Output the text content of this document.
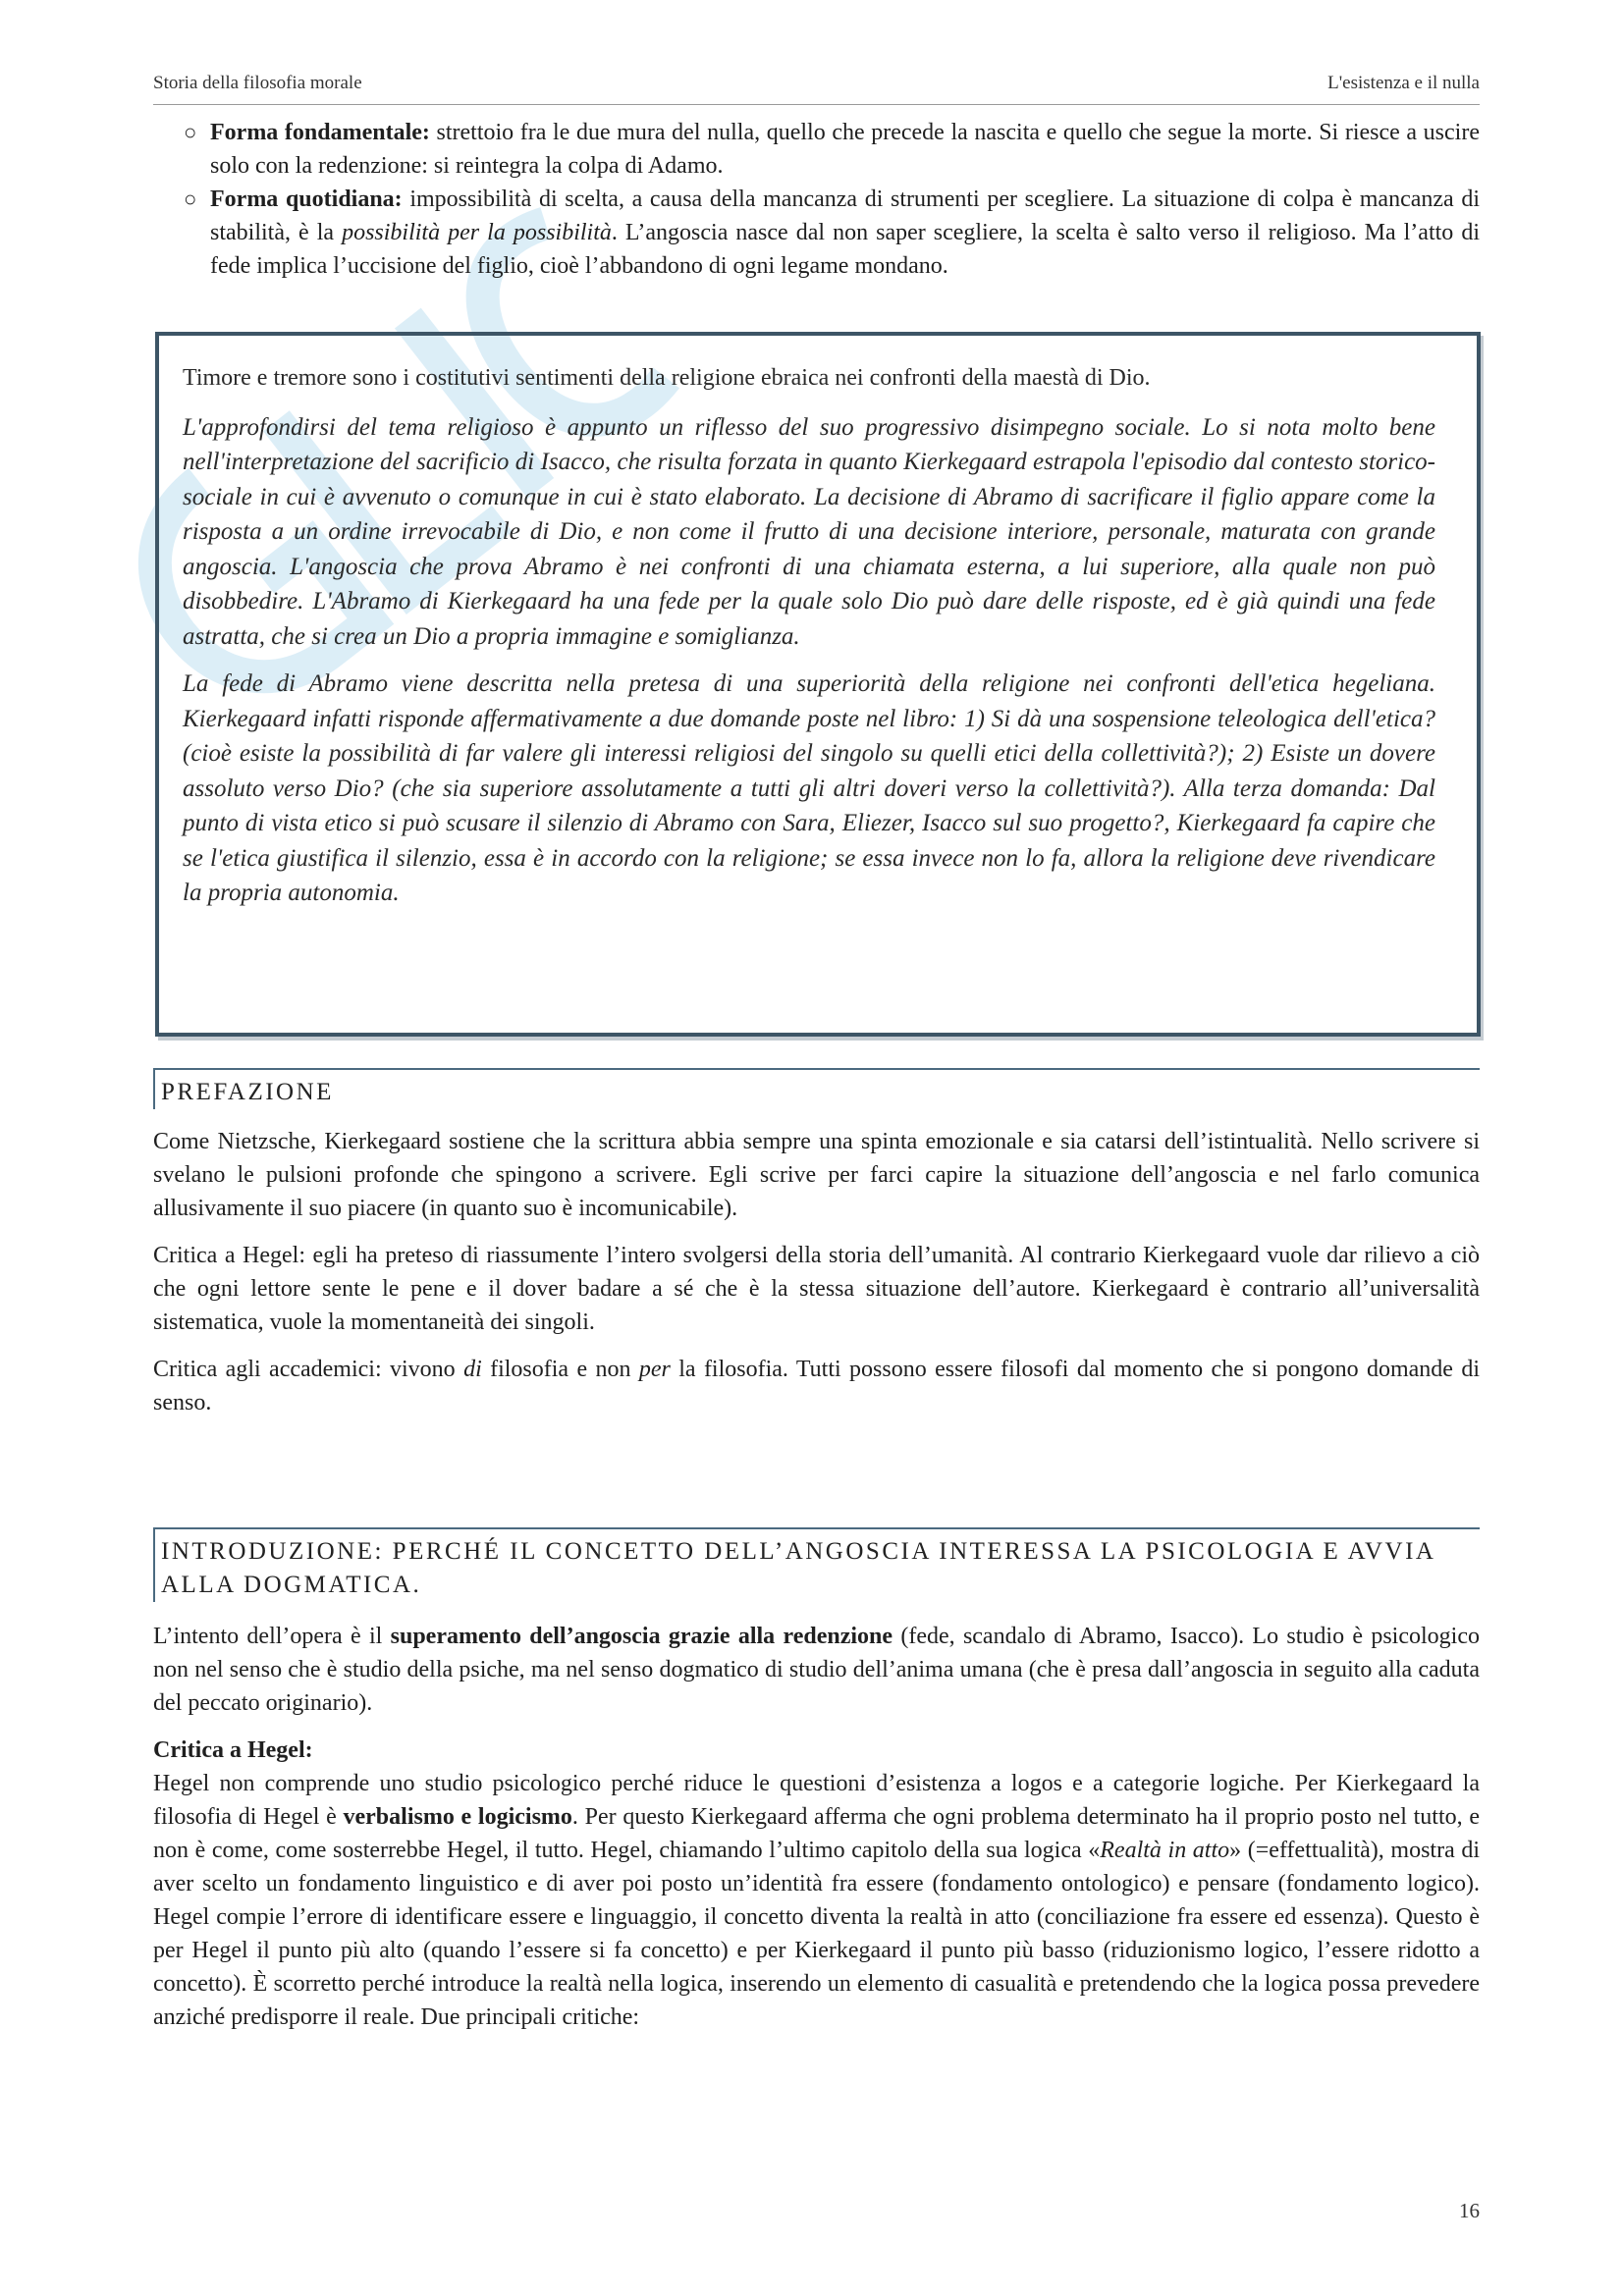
Storia della filosofia morale	L'esistenza e il nulla
○ Forma fondamentale: strettoio fra le due mura del nulla, quello che precede la nascita e quello che segue la morte. Si riesce a uscire solo con la redenzione: si reintegra la colpa di Adamo.
○ Forma quotidiana: impossibilità di scelta, a causa della mancanza di strumenti per scegliere. La situazione di colpa è mancanza di stabilità, è la possibilità per la possibilità. L’angoscia nasce dal non saper scegliere, la scelta è salto verso il religioso. Ma l’atto di fede implica l’uccisione del figlio, cioè l’abbandono di ogni legame mondano.

Timore e tremore sono i costitutivi sentimenti della religione ebraica nei confronti della maestà di Dio.

L'approfondirsi del tema religioso è appunto un riflesso del suo progressivo disimpegno sociale. Lo si nota molto bene nell'interpretazione del sacrificio di Isacco, che risulta forzata in quanto Kierkegaard estrapola l'episodio dal contesto storico-sociale in cui è avvenuto o comunque in cui è stato elaborato. La decisione di Abramo di sacrificare il figlio appare come la risposta a un ordine irrevocabile di Dio, e non come il frutto di una decisione interiore, personale, maturata con grande angoscia. L'angoscia che prova Abramo è nei confronti di una chiamata esterna, a lui superiore, alla quale non può disobbedire. L'Abramo di Kierkegaard ha una fede per la quale solo Dio può dare delle risposte, ed è già quindi una fede astratta, che si crea un Dio a propria immagine e somiglianza.

La fede di Abramo viene descritta nella pretesa di una superiorità della religione nei confronti dell'etica hegeliana. Kierkegaard infatti risponde affermativamente a due domande poste nel libro: 1) Si dà una sospensione teleologica dell'etica? (cioè esiste la possibilità di far valere gli interessi religiosi del singolo su quelli etici della collettività?); 2) Esiste un dovere assoluto verso Dio? (che sia superiore assolutamente a tutti gli altri doveri verso la collettività?). Alla terza domanda: Dal punto di vista etico si può scusare il silenzio di Abramo con Sara, Eliezer, Isacco sul suo progetto?, Kierkegaard fa capire che se l'etica giustifica il silenzio, essa è in accordo con la religione; se essa invece non lo fa, allora la religione deve rivendicare la propria autonomia.

PREFAZIONE

Come Nietzsche, Kierkegaard sostiene che la scrittura abbia sempre una spinta emozionale e sia catarsi dell’istintualità. Nello scrivere si svelano le pulsioni profonde che spingono a scrivere. Egli scrive per farci capire la situazione dell’angoscia e nel farlo comunica allusivamente il suo piacere (in quanto suo è incomunicabile).

Critica a Hegel: egli ha preteso di riassumente l’intero svolgersi della storia dell’umanità. Al contrario Kierkegaard vuole dar rilievo a ciò che ogni lettore sente le pene e il dover badare a sé che è la stessa situazione dell’autore. Kierkegaard è contrario all’universalità sistematica, vuole la momentaneità dei singoli.

Critica agli accademici: vivono di filosofia e non per la filosofia. Tutti possono essere filosofi dal momento che si pongono domande di senso.

INTRODUZIONE: PERCHÉ IL CONCETTO DELL’ANGOSCIA INTERESSA LA PSICOLOGIA E AVVIA ALLA DOGMATICA.

L’intento dell’opera è il superamento dell’angoscia grazie alla redenzione (fede, scandalo di Abramo, Isacco). Lo studio è psicologico non nel senso che è studio della psiche, ma nel senso dogmatico di studio dell’anima umana (che è presa dall’angoscia in seguito alla caduta del peccato originario).

Critica a Hegel:

Hegel non comprende uno studio psicologico perché riduce le questioni d’esistenza a logos e a categorie logiche. Per Kierkegaard la filosofia di Hegel è verbalismo e logicismo. Per questo Kierkegaard afferma che ogni problema determinato ha il proprio posto nel tutto, e non è come, come sosterrebbe Hegel, il tutto. Hegel, chiamando l’ultimo capitolo della sua logica «Realtà in atto» (=effettualità), mostra di aver scelto un fondamento linguistico e di aver poi posto un’identità fra essere (fondamento ontologico) e pensare (fondamento logico). Hegel compie l’errore di identificare essere e linguaggio, il concetto diventa la realtà in atto (conciliazione fra essere ed essenza). Questo è per Hegel il punto più alto (quando l’essere si fa concetto) e per Kierkegaard il punto più basso (riduzionismo logico, l’essere ridotto a concetto). È scorretto perché introduce la realtà nella logica, inserendo un elemento di casualità e pretendendo che la logica possa prevedere anziché predisporre il reale. Due principali critiche:

16
